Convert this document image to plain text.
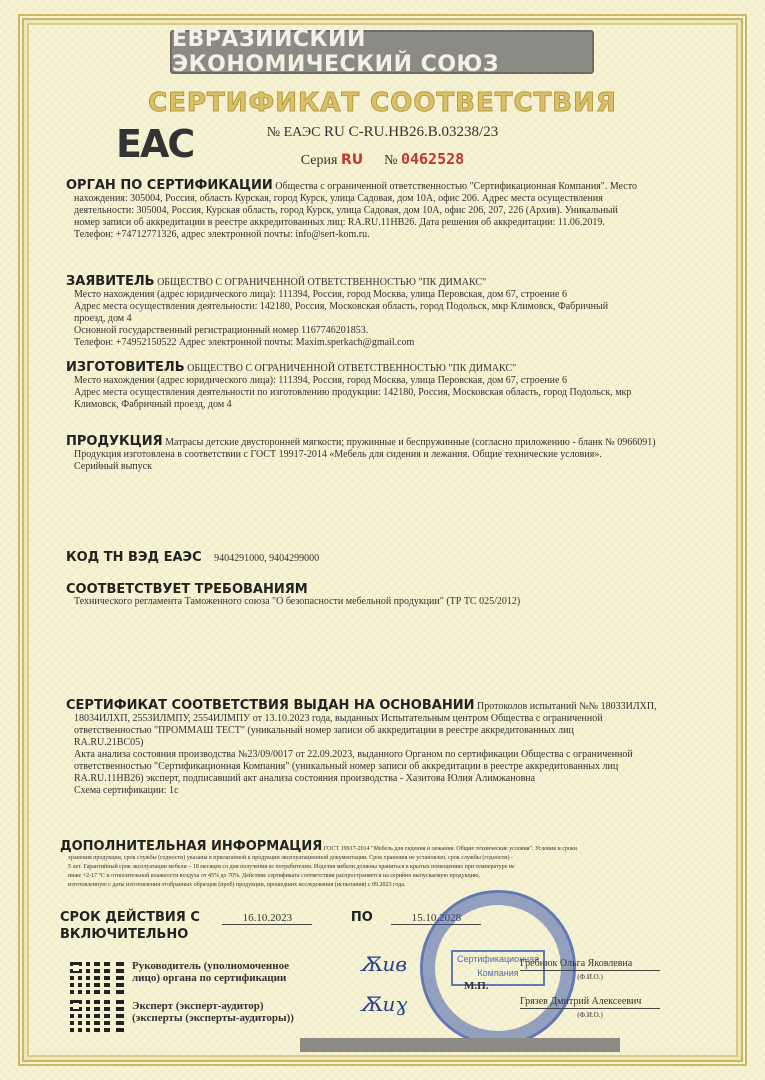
ЕВРАЗИЙСКИЙ ЭКОНОМИЧЕСКИЙ СОЮЗ
СЕРТИФИКАТ СООТВЕТСТВИЯ
EAC	№ ЕАЭС RU C-RU.НВ26.В.03238/23
Серия RU № 0462528
ОРГАН ПО СЕРТИФИКАЦИИ Общества с ограниченной ответственностью "Сертификационная Компания". Место
нахождения: 305004, Россия, область Курская, город Курск, улица Садовая, дом 10А, офис 206. Адрес места осуществления
деятельности: 305004, Россия, Курская область, город Курск, улица Садовая, дом 10А, офис 206, 207, 226 (Архив). Уникальный
номер записи об аккредитации в реестре аккредитованных лиц: RA.RU.11НВ26. Дата решения об аккредитации: 11.06.2019.
Телефон: +74712771326, адрес электронной почты: info@sert-kom.ru.
ЗАЯВИТЕЛЬ ОБЩЕСТВО С ОГРАНИЧЕННОЙ ОТВЕТСТВЕННОСТЬЮ "ПК ДИМАКС"
Место нахождения (адрес юридического лица): 111394, Россия, город Москва, улица Перовская, дом 67, строение 6
Адрес места осуществления деятельности: 142180, Россия, Московская область, город Подольск, мкр Климовск, Фабричный
проезд, дом 4
Основной государственный регистрационный номер 1167746201853.
Телефон: +74952150522 Адрес электронной почты: Maxim.sperkach@gmail.com
ИЗГОТОВИТЕЛЬ ОБЩЕСТВО С ОГРАНИЧЕННОЙ ОТВЕТСТВЕННОСТЬЮ "ПК ДИМАКС"
Место нахождения (адрес юридического лица): 111394, Россия, город Москва, улица Перовская, дом 67, строение 6
Адрес места осуществления деятельности по изготовлению продукции: 142180, Россия, Московская область, город Подольск, мкр
Климовск, Фабричный проезд, дом 4
ПРОДУКЦИЯ Матрасы детские двусторонней мягкости; пружинные и беспружинные (согласно приложению - бланк № 0966091)
Продукция изготовлена в соответствии с ГОСТ 19917-2014 «Мебель для сидения и лежания. Общие технические условия».
Серийный выпуск
КОД ТН ВЭД ЕАЭС 9404291000, 9404299000
СООТВЕТСТВУЕТ ТРЕБОВАНИЯМ
Технического регламента Таможенного союза "О безопасности мебельной продукции" (ТР ТС 025/2012)
СЕРТИФИКАТ СООТВЕТСТВИЯ ВЫДАН НА ОСНОВАНИИ Протоколов испытаний №№ 18033ИЛХП,
18034ИЛХП, 2553ИЛМПУ, 2554ИЛМПУ от 13.10.2023 года, выданных Испытательным центром Общества с ограниченной
ответственностью "ПРОММАШ ТЕСТ" (уникальный номер записи об аккредитации в реестре аккредитованных лиц
RA.RU.21ВС05)
Акта анализа состояния производства №23/09/0017 от 22.09.2023, выданного Органом по сертификации Общества с ограниченной
ответственностью "Сертификационная Компания" (уникальный номер записи об аккредитации в реестре аккредитованных лиц
RA.RU.11НВ26) эксперт, подписавший акт анализа состояния производства - Хазитова Юлия Алимжановна
Схема сертификации: 1с
ДОПОЛНИТЕЛЬНАЯ ИНФОРМАЦИЯ ГОСТ 19917-2014 "Мебель для сидения и лежания. Общие технические условия". Условия и сроки
хранения продукции, срок службы (годности) указаны в прилагаемой к продукции эксплуатационной документации. Срок хранения не установлен, срок службы (годности) -
5 лет. Гарантийный срок эксплуатации мебели – 18 месяцев со дня получения ее потребителем. Изделия мебели должны храниться в крытых помещениях при температуре не
ниже +2-17 °С и относительной влажности воздуха от 45% до 70%. Действие сертификата соответствия распространяется на серийно выпускаемую продукцию,
изготовленную с даты изготовления отобранных образцов (проб) продукции, прошедших исследования (испытания) с 09.2023 года.
СРОК ДЕЙСТВИЯ С	16.10.2023	ПО	15.10.2028
ВКЛЮЧИТЕЛЬНО
Сертификационная
Компания
Руководитель (уполномоченное
лицо) органа по сертификации
Ѫив
М.П.
Гребнюк Ольга Яковлевна
(Ф.И.О.)
Эксперт (эксперт-аудитор)
(эксперты (эксперты-аудиторы))
Ѫиɣ	Грязев Дмитрий Алексеевич
(Ф.И.О.)
